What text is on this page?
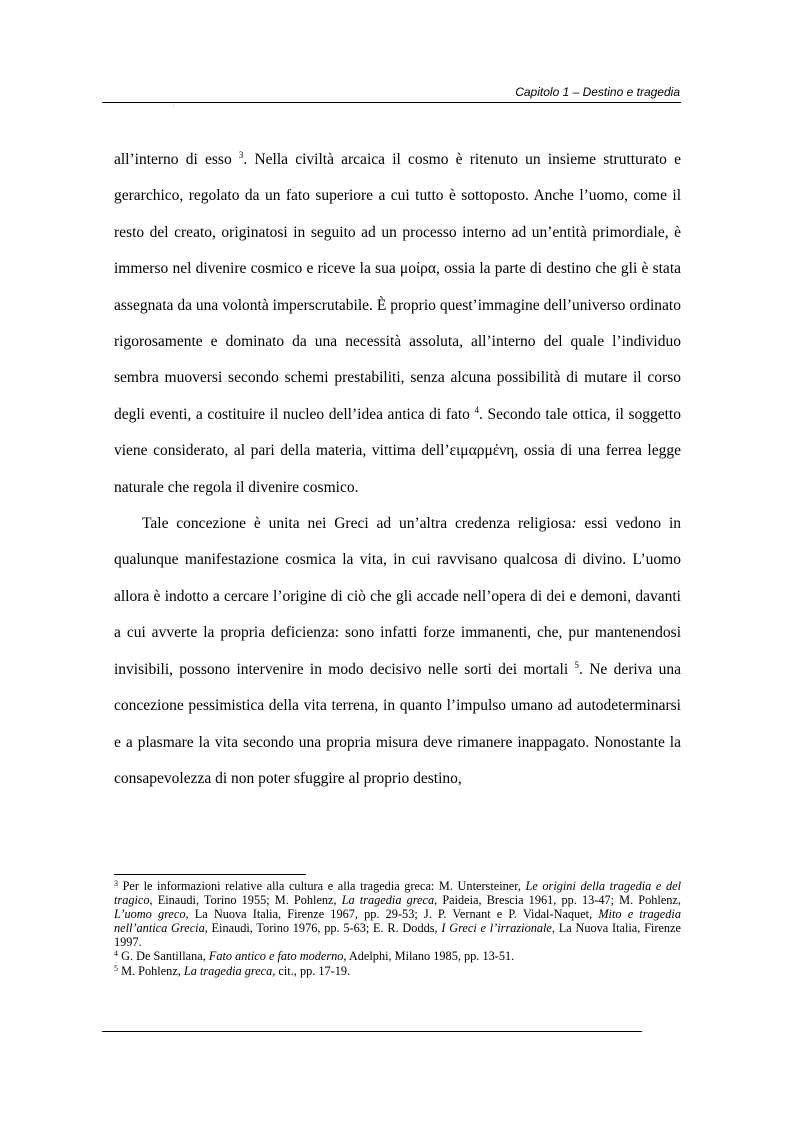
Capitolo 1 – Destino e tragedia
'

all’interno di esso $^3$. Nella civiltà arcaica il cosmo è ritenuto un insieme strutturato e gerarchico, regolato da un fato superiore a cui tutto è sottoposto. Anche l’uomo, come il resto del creato, originatosi in seguito ad un processo interno ad un’entità primordiale, è immerso nel divenire cosmico e riceve la sua μοίρα, ossia la parte di destino che gli è stata assegnata da una volontà imperscrutabile. È proprio quest’immagine dell’universo ordinato rigorosamente e dominato da una necessità assoluta, all’interno del quale l’individuo sembra muoversi secondo schemi prestabiliti, senza alcuna possibilità di mutare il corso degli eventi, a costituire il nucleo dell’idea antica di fato $^4$. Secondo tale ottica, il soggetto viene considerato, al pari della materia, vittima dell’ειμαρμένη, ossia di una ferrea legge naturale che regola il divenire cosmico.

Tale concezione è unita nei Greci ad un’altra credenza religiosa: essi vedono in qualunque manifestazione cosmica la vita, in cui ravvisano qualcosa di divino. L’uomo allora è indotto a cercare l’origine di ciò che gli accade nell’opera di dei e demoni, davanti a cui avverte la propria deficienza: sono infatti forze immanenti, che, pur mantenendosi invisibili, possono intervenire in modo decisivo nelle sorti dei mortali $^5$. Ne deriva una concezione pessimistica della vita terrena, in quanto l’impulso umano ad autodeterminarsi e a plasmare la vita secondo una propria misura deve rimanere inappagato. Nonostante la consapevolezza di non poter sfuggire al proprio destino,

$^3$ Per le informazioni relative alla cultura e alla tragedia greca: M. Untersteiner, Le origini della tragedia e del tragico, Einaudi, Torino 1955; M. Pohlenz, La tragedia greca, Paideia, Brescia 1961, pp. 13-47; M. Pohlenz, L’uomo greco, La Nuova Italia, Firenze 1967, pp. 29-53; J. P. Vernant e P. Vidal-Naquet, Mito e tragedia nell’antica Grecia, Einaudi, Torino 1976, pp. 5-63; E. R. Dodds, I Greci e l’irrazionale, La Nuova Italia, Firenze 1997.

$^4$ G. De Santillana, Fato antico e fato moderno, Adelphi, Milano 1985, pp. 13-51.

$^5$ M. Pohlenz, La tragedia greca, cit., pp. 17-19.
